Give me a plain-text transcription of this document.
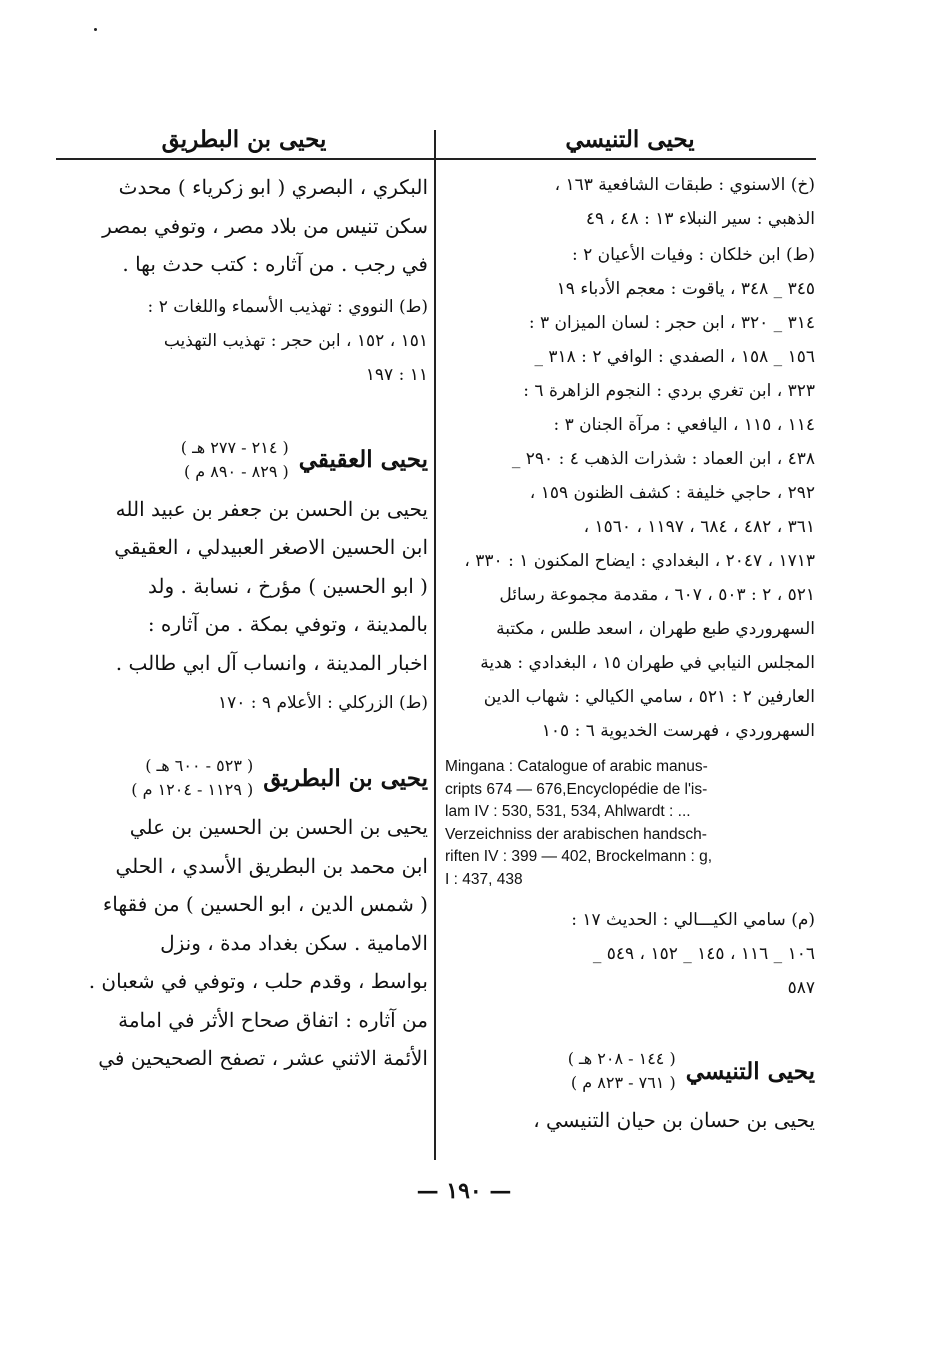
يحيى التنيسي
(خ) الاسنوي : طبقات الشافعية ١٦٣ ،
الذهبي : سير النبلاء ١٣ : ٤٨ ، ٤٩
(ط) ابن خلكان : وفيات الأعيان ٢ :
٣٤٥ _ ٣٤٨ ، ياقوت : معجم الأدباء ١٩
٣١٤ _ ٣٢٠ ، ابن حجر : لسان الميزان ٣ :
١٥٦ _ ١٥٨ ، الصفدي : الوافي ٢ : ٣١٨ _
٣٢٣ ، ابن تغري بردي : النجوم الزاهرة ٦ :
١١٤ ، ١١٥ ، اليافعي : مرآة الجنان ٣ :
٤٣٨ ، ابن العماد : شذرات الذهب ٤ : ٢٩٠ _
٢٩٢ ، حاجي خليفة : كشف الظنون ١٥٩ ،
٣٦١ ، ٤٨٢ ، ٦٨٤ ، ١١٩٧ ، ١٥٦٠ ،
١٧١٣ ، ٢٠٤٧ ، البغدادي : ايضاح المكنون ١ : ٣٣٠ ،
٥٢١ ، ٢ : ٥٠٣ ، ٦٠٧ ، مقدمة مجموعة رسائل
السهروردي طبع طهران ، اسعد طلس ، مكتبة
المجلس النيابي في طهران ١٥ ، البغدادي : هدية
العارفين ٢ : ٥٢١ ، سامي الكيالي : شهاب الدين
السهروردي ، فهرست الخديوية ٦ : ١٠٥
Mingana : Catalogue of arabic manus-
cripts 674 — 676,Encyclopédie de l'is-
lam IV : 530, 531, 534, Ahlwardt : ...
Verzeichniss der arabischen handsch-
riften IV : 399 — 402, Brockelmann : g,
I : 437, 438
(م) سامي الكيـــالي : الحديث ١٧ :
١٠٦ _ ١١٦ ، ١٤٥ _ ١٥٢ ، ٥٤٩ _
٥٨٧
يحيى التنيسي
( ١٤٤ - ٢٠٨ هـ )
( ٧٦١ - ٨٢٣ م )
يحيى بن حسان بن حيان التنيسي ،
يحيى بن البطريق
البكري ، البصري ( ابو زكرياء ) محدث
سكن تنيس من بلاد مصر ، وتوفي بمصر
في رجب . من آثاره : كتب حدث بها .
(ط) النووي : تهذيب الأسماء واللغات ٢ :
١٥١ ، ١٥٢ ، ابن حجر : تهذيب التهذيب
١١ : ١٩٧
يحيى العقيقي
( ٢١٤ - ٢٧٧ هـ )
( ٨٢٩ - ٨٩٠ م )
يحيى بن الحسن بن جعفر بن عبيد الله
ابن الحسين الاصغر العبيدلي ، العقيقي
( ابو الحسين ) مؤرخ ، نسابة . ولد
بالمدينة ، وتوفي بمكة . من آثاره :
اخبار المدينة ، وانساب آل ابي طالب .
(ط) الزركلي : الأعلام ٩ : ١٧٠
يحيى بن البطريق
( ٥٢٣ - ٦٠٠ هـ )
( ١١٢٩ - ١٢٠٤ م )
يحيى بن الحسن بن الحسين بن علي
ابن محمد بن البطريق الأسدي ، الحلي
( شمس الدين ، ابو الحسين ) من فقهاء
الامامية . سكن بغداد مدة ، ونزل
بواسط ، وقدم حلب ، وتوفي في شعبان .
من آثاره : اتفاق صحاح الأثر في امامة
الأئمة الاثني عشر ، تصفح الصحيحين في
— ١٩٠ —
